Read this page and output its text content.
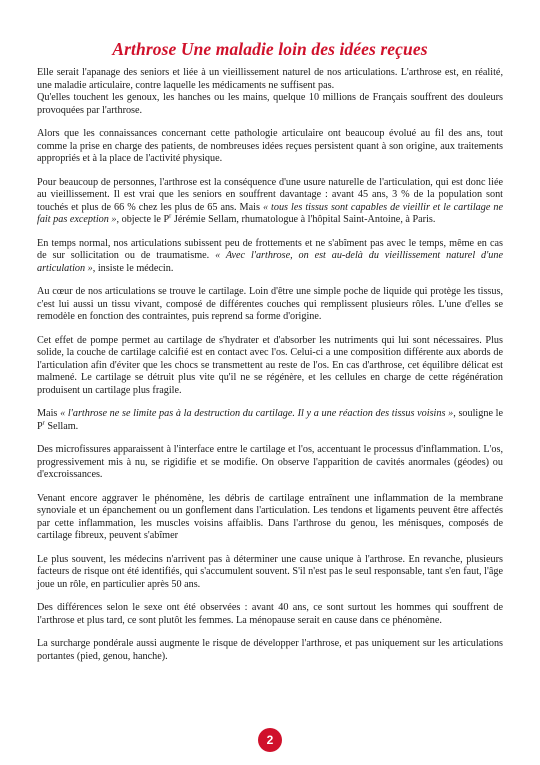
Arthrose Une maladie loin des idées reçues

Elle serait l'apanage des seniors et liée à un vieillissement naturel de nos articulations. L'arthrose est, en réalité, une maladie articulaire, contre laquelle les médicaments ne suffisent pas.
Qu'elles touchent les genoux, les hanches ou les mains, quelque 10 millions de Français souffrent des douleurs provoquées par l'arthrose.

Alors que les connaissances concernant cette pathologie articulaire ont beaucoup évolué au fil des ans, tout comme la prise en charge des patients, de nombreuses idées reçues persistent quant à son origine, aux traitements appropriés et à la place de l'activité physique.

Pour beaucoup de personnes, l'arthrose est la conséquence d'une usure naturelle de l'articulation, qui est donc liée au vieillissement. Il est vrai que les seniors en souffrent davantage : avant 45 ans, 3 % de la population sont touchés et plus de 66 % chez les plus de 65 ans. Mais « tous les tissus sont capables de vieillir et le cartilage ne fait pas exception », objecte le $P^r$ Jérémie Sellam, rhumatologue à l'hôpital Saint-Antoine, à Paris.

En temps normal, nos articulations subissent peu de frottements et ne s'abîment pas avec le temps, même en cas de sur sollicitation ou de traumatisme. « Avec l'arthrose, on est au-delà du vieillissement naturel d'une articulation », insiste le médecin.

Au cœur de nos articulations se trouve le cartilage. Loin d'être une simple poche de liquide qui protège les tissus, c'est lui aussi un tissu vivant, composé de différentes couches qui remplissent plusieurs rôles. L'une d'elles se remodèle en fonction des contraintes, puis reprend sa forme d'origine.

Cet effet de pompe permet au cartilage de s'hydrater et d'absorber les nutriments qui lui sont nécessaires. Plus solide, la couche de cartilage calcifié est en contact avec l'os. Celui-ci a une composition différente aux abords de l'articulation afin d'éviter que les chocs se transmettent au reste de l'os. En cas d'arthrose, cet équilibre délicat est malmené. Le cartilage se détruit plus vite qu'il ne se régénère, et les cellules en charge de cette régénération produisent un cartilage plus fragile.

Mais « l'arthrose ne se limite pas à la destruction du cartilage. Il y a une réaction des tissus voisins », souligne le $P^r$ Sellam.

Des microfissures apparaissent à l'interface entre le cartilage et l'os, accentuant le processus d'inflammation. L'os, progressivement mis à nu, se rigidifie et se modifie. On observe l'apparition de cavités anormales (géodes) ou d'excroissances.

Venant encore aggraver le phénomène, les débris de cartilage entraînent une inflammation de la membrane synoviale et un épanchement ou un gonflement dans l'articulation. Les tendons et ligaments peuvent être affectés par cette inflammation, les muscles voisins affaiblis. Dans l'arthrose du genou, les ménisques, composés de cartilage fibreux, peuvent s'abîmer

Le plus souvent, les médecins n'arrivent pas à déterminer une cause unique à l'arthrose. En revanche, plusieurs facteurs de risque ont été identifiés, qui s'accumulent souvent. S'il n'est pas le seul responsable, tant s'en faut, l'âge joue un rôle, en particulier après 50 ans.

Des différences selon le sexe ont été observées : avant 40 ans, ce sont surtout les hommes qui souffrent de l'arthrose et plus tard, ce sont plutôt les femmes. La ménopause serait en cause dans ce phénomène.

La surcharge pondérale aussi augmente le risque de développer l'arthrose, et pas uniquement sur les articulations portantes (pied, genou, hanche).

2
